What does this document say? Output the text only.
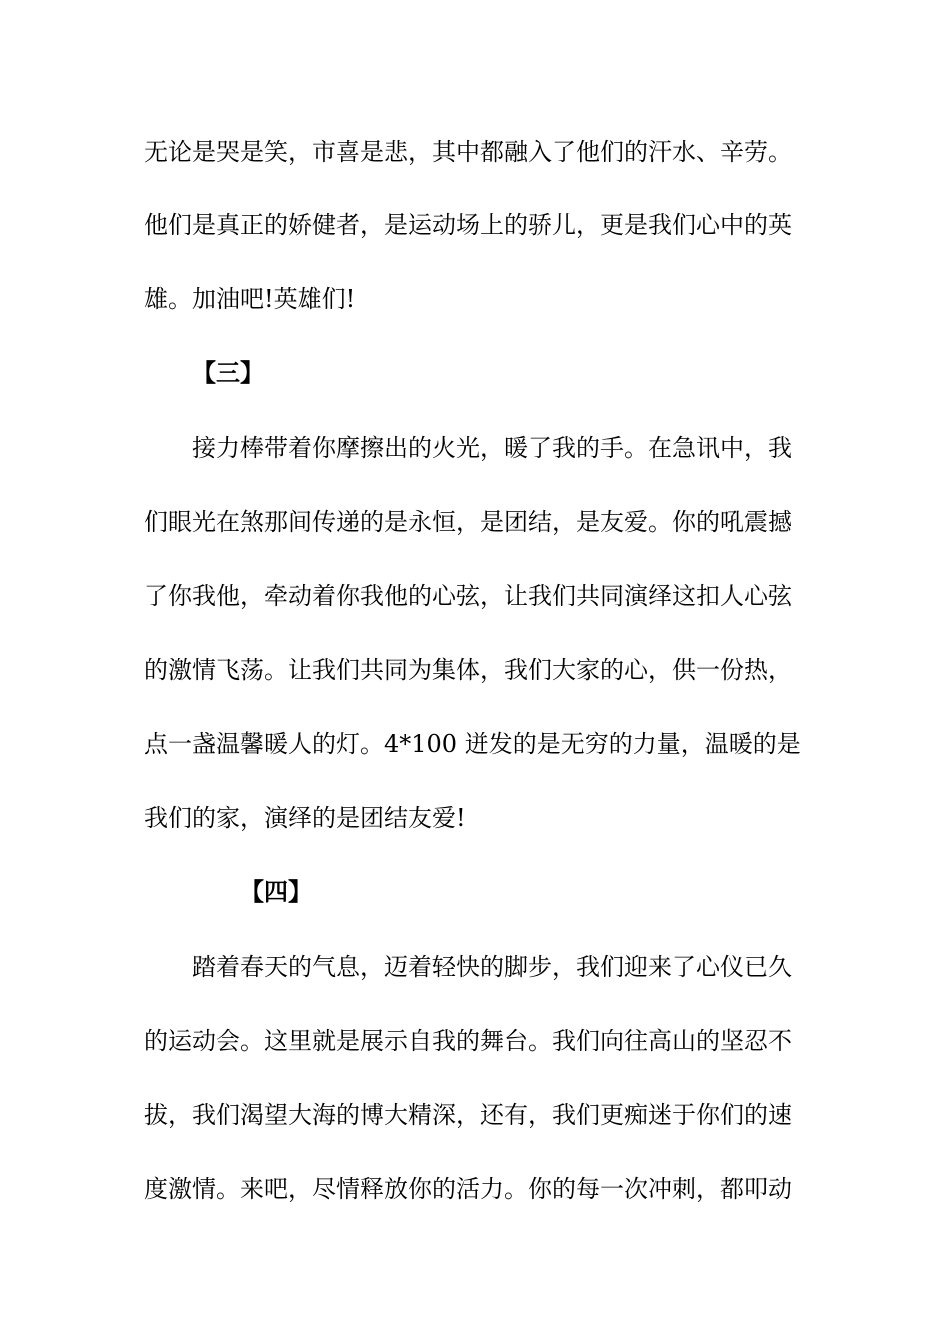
无论是哭是笑，市喜是悲，其中都融入了他们的汗水、辛劳。
他们是真正的娇健者，是运动场上的骄儿，更是我们心中的英
雄。加油吧!英雄们!
【三】
接力棒带着你摩擦出的火光，暖了我的手。在急讯中，我
们眼光在煞那间传递的是永恒，是团结，是友爱。你的吼震撼
了你我他，牵动着你我他的心弦，让我们共同演绎这扣人心弦
的激情飞荡。让我们共同为集体，我们大家的心，供一份热，
点一盏温馨暖人的灯。4*100 迸发的是无穷的力量，温暖的是
我们的家，演绎的是团结友爱!
【四】
踏着春天的气息，迈着轻快的脚步，我们迎来了心仪已久
的运动会。这里就是展示自我的舞台。我们向往高山的坚忍不
拔，我们渴望大海的博大精深，还有，我们更痴迷于你们的速
度激情。来吧，尽情释放你的活力。你的每一次冲刺，都叩动
